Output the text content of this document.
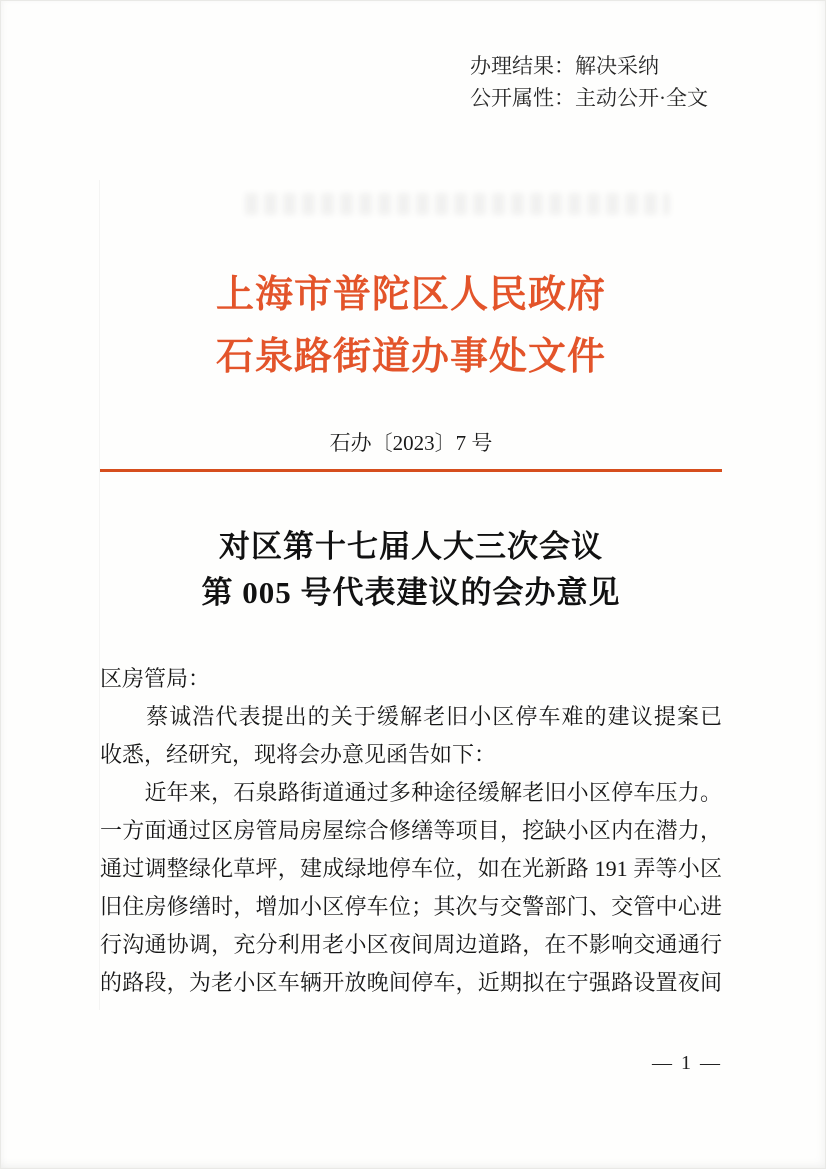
办理结果：解决采纳
公开属性：主动公开·全文
上海市普陀区人民政府
石泉路街道办事处文件
石办〔2023〕7 号
对区第十七届人大三次会议
第 005 号代表建议的会办意见
区房管局：
　　蔡诚浩代表提出的关于缓解老旧小区停车难的建议提案已
收悉，经研究，现将会办意见函告如下：
　　近年来，石泉路街道通过多种途径缓解老旧小区停车压力。
一方面通过区房管局房屋综合修缮等项目，挖缺小区内在潜力，
通过调整绿化草坪，建成绿地停车位，如在光新路 191 弄等小区
旧住房修缮时，增加小区停车位；其次与交警部门、交管中心进
行沟通协调，充分利用老小区夜间周边道路，在不影响交通通行
的路段，为老小区车辆开放晚间停车，近期拟在宁强路设置夜间
— 1 —
